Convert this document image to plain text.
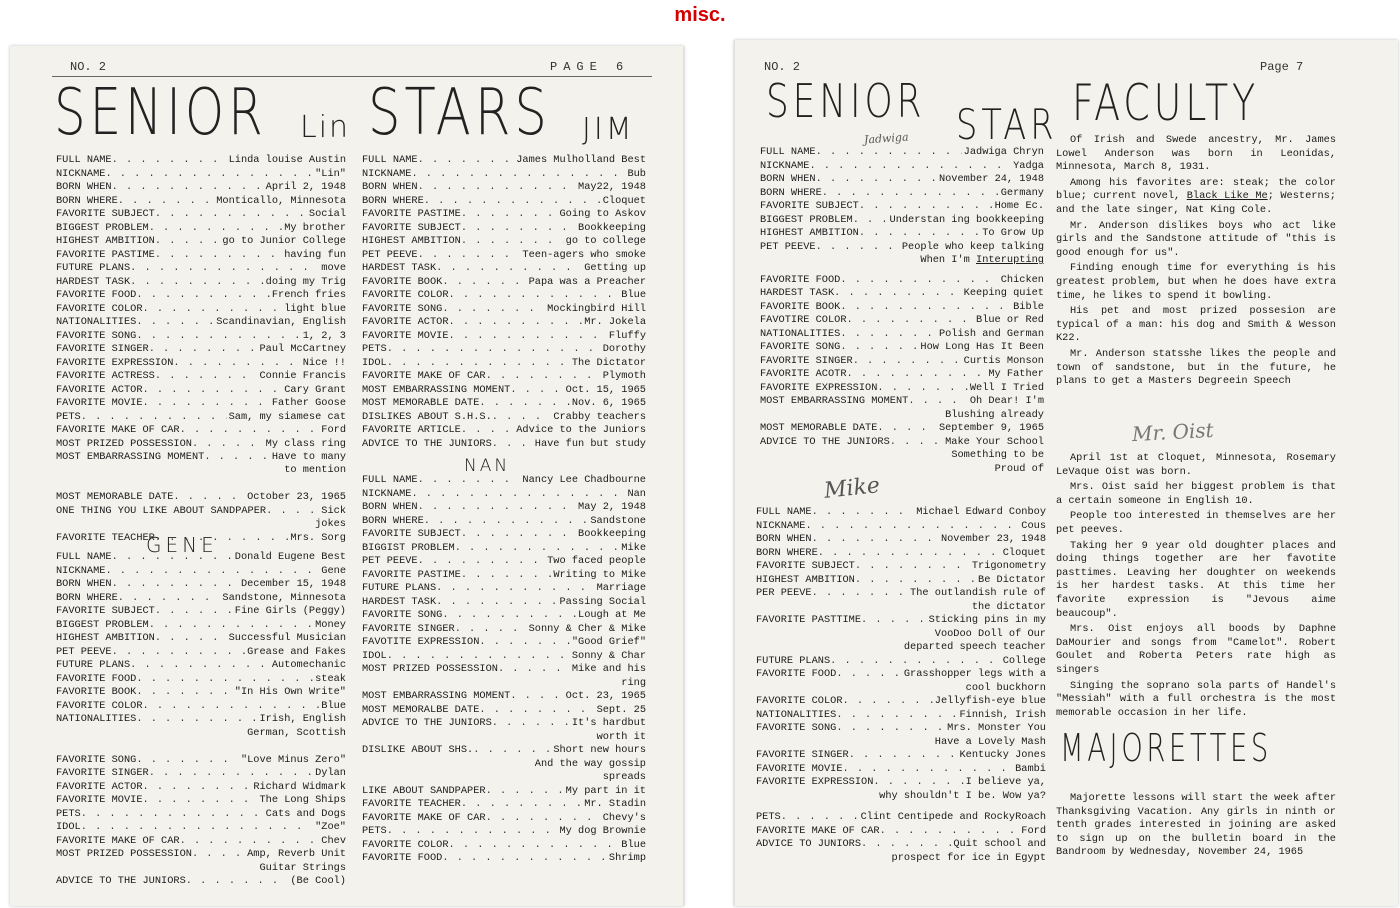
misc.
NO. 2	PAGE 6
SENIOR Lin STARS JIM
NAN
GENE
FULL NAME . . .	Linda louise Austin
NICKNAME . . .	"Lin"
BORN WHEN . . .	April 2, 1948
BORN WHERE . . .	Monticallo, Minnesota
FAVORITE SUBJECT . . .	Social
BIGGEST PROBLEM . . .	My brother
HIGHEST AMBITION . . .	go to Junior College
FAVORITE PASTIME . . .	having fun
FUTURE PLANS . . .	move
HARDEST TASK . . .	doing my Trig
FAVORITE FOOD . . .	French fries
FAVORITE COLOR . . .	light blue
NATIONALITIES . . .	Scandinavian, English
FAVORITE SONG . . .	1, 2, 3
FAVORITE SINGER . . .	Paul McCartney
FAVORITE EXPRESSION . . .	Nice !!
FAVORITE ACTRESS . . .	Connie Francis
FAVORITE ACTOR . . .	Cary Grant
FAVORITE MOVIE . . .	Father Goose
PETS . . .	Sam, my siamese cat
FAVORITE MAKE OF CAR . . .	Ford
MOST PRIZED POSSESSION . . .	My class ring
MOST EMBARRASSING MOMENT . . .	Have to many
to mention
MOST MEMORABLE DATE . . .	October 23, 1965
ONE THING YOU LIKE ABOUT SANDPAPER . . .	Sick
jokes
FAVORITE TEACHER . . .	Mrs. Sorg
FULL NAME . . .	Donald Eugene Best
NICKNAME . . .	Gene
BORN WHEN . . .	December 15, 1948
BORN WHERE . . .	Sandstone, Minnesota
FAVORITE SUBJECT . . .	Fine Girls (Peggy)
BIGGEST PROBLEM . . .	Money
HIGHEST AMBITION . . .	Successful Musician
PET PEEVE . . .	Grease and Fakes
FUTURE PLANS . . .	Automechanic
FAVORITE FOOD . . .	steak
FAVORITE BOOK . . .	"In His Own Write"
FAVORITE COLOR . . .	Blue
NATIONALITIES . . .	Irish, English
German, Scottish
FAVORITE SONG . . .	"Love Minus Zero"
FAVORITE SINGER . . .	Dylan
FAVORITE ACTOR . . .	Richard Widmark
FAVORITE MOVIE . . .	The Long Ships
PETS . . .	Cats and Dogs
IDOL . . .	"Zoe"
FAVORITE MAKE OF CAR . . .	Chev
MOST PRIZED POSSESSION . . .	Amp, Reverb Unit
Guitar Strings
ADVICE TO THE JUNIORS . . .	(Be Cool)
FULL NAME . . .	James Mulholland Best
NICKNAME . . .	Bub
BORN WHEN . . .	May22, 1948
BORN WHERE . . .	Cloquet
FAVORITE PASTIME . . .	Going to Askov
FAVORITE SUBJECT . . .	Bookkeeping
HIGHEST AMBITION . . .	go to college
PET PEEVE . . .	Teen-agers who smoke
HARDEST TASK . . .	Getting up
FAVORITE BOOK . . .	Papa was a Preacher
FAVORITE COLOR . . .	Blue
FAVORITE SONG . . .	Mockingbird Hill
FAVORITE ACTOR . . .	Mr. Jokela
FAVORITE MOVIE . . .	Fluffy
PETS . . .	Dorothy
IDOL . . .	The Dictator
FAVORITE MAKE OF CAR . . .	Plymoth
MOST EMBARRASSING MOMENT . . .	Oct. 15, 1965
MOST MEMORABLE DATE . . .	Nov. 6, 1965
DISLIKES ABOUT S.H.S. . . .	Crabby teachers
FAVORITE ARTICLE . . .	Advice to the Juniors
ADVICE TO THE JUNIORS . . .	Have fun but study
FULL NAME . . .	Nancy Lee Chadbourne
NICKNAME . . .	Nan
BORN WHEN . . .	May 2, 1948
BORN WHERE . . .	Sandstone
FAVORITE SUBJECT . . .	Bookkeeping
BIGGIST PROBLEM . . .	Mike
PET PEEVE . . .	Two faced people
FAVORITE PASTIME . . .	Writing to Mike
FUTURE PLANS . . .	Marriage
HARDEST TASK . . .	Passing Social
FAVORITE SONG . . .	Lough at Me
FAVORITE SINGER . . .	Sonny & Cher & Mike
FAVOTITE EXPRESSION . . .	"Good Grief"
IDOL . . .	Sonny & Char
MOST PRIZED POSSESSION . . .	Mike and his
ring
MOST EMBARRASSING MOMENT . . .	Oct. 23, 1965
MOST MEMORALBE DATE . . .	Sept. 25
ADVICE TO THE JUNIORS . . .	It's hardbut
worth it
DISLIKE ABOUT SHS. . . .	Short new hours
And the way gossip
spreads
LIKE ABOUT SANDPAPER . . .	My part in it
FAVORITE TEACHER . . .	Mr. Stadin
FAVORITE MAKE OF CAR . . .	Chevy's
PETS . . .	My dog Brownie
FAVORITE COLOR . . .	Blue
FAVORITE FOOD . . .	Shrimp
NO. 2	Page 7
SENIOR STAR FACULTY
MAJORETTES
Jadwiga
Mike
Mr. Oist
FULL NAME . . .	Jadwiga Chryn
NICKNAME . . .	Yadga
BORN WHEN . . .	November 24, 1948
BORN WHERE . . .	Germany
FAVORITE SUBJECT . . .	Home Ec.
BIGGEST PROBLEM . . .	Understan ing bookkeeping
HIGHEST AMBITION . . .	To Grow Up
PET PEEVE . . .	People who keep talking
When I'm Interupting
FAVORITE FOOD . . .	Chicken
HARDEST TASK . . .	Keeping quiet
FAVORITE BOOK . . .	Bible
FAVOTIRE COLOR . . .	Blue or Red
NATIONALITIES . . .	Polish and German
FAVORITE SONG . . .	How Long Has It Been
FAVORITE SINGER . . .	Curtis Monson
FAVORITE ACOTR . . .	My Father
FAVORITE EXPRESSION . . .	Well I Tried
MOST EMBARRASSING MOMENT . . .	Oh Dear! I'm
Blushing already
MOST MEMORABLE DATE . . .	September 9, 1965
ADVICE TO THE JUNIORS . . .	Make Your School
Something to be
Proud of
FULL NAME . . .	Michael Edward Conboy
NICKNAME . . .	Cous
BORN WHEN . . .	November 23, 1948
BORN WHERE . . .	Cloquet
FAVORITE SUBJECT . . .	Trigonometry
HIGHEST AMBITION . . .	Be Dictator
PER PEEVE . . .	The outlandish rule of
the dictator
FAVORITE PASTTIME . . .	Sticking pins in my
VooDoo Doll of Our
departed speech teacher
FUTURE PLANS . . .	College
FAVORITE FOOD . . .	Grasshopper legs with a
cool buckhorn
FAVORITE COLOR . . .	Jellyfish-eye blue
NATIONALITIES . . .	Finnish, Irish
FAVORITE SONG . . .	Mrs. Monster You
Have a Lovely Mash
FAVORITE SINGER . . .	Kentucky Jones
FAVORITE MOVIE . . .	Bambi
FAVORITE EXPRESSION . . .	I believe ya,
why shouldn't I be. Wow ya?
PETS . . .	Clint Centipede and RockyRoach
FAVORITE MAKE OF CAR . . .	Ford
ADVICE TO JUNIORS . . .	Quit school and
prospect for ice in Egypt

Of Irish and Swede ancestry, Mr. James Lowel Anderson was born in Leonidas, Minnesota, March 8, 1931.

Among his favorites are: steak; the color blue; current novel, Black Like Me; Westerns; and the late singer, Nat King Cole.

Mr. Anderson dislikes boys who act like girls and the Sandstone attitude of "this is good enough for us".

Finding enough time for everything is his greatest problem, but when he does have extra time, he likes to spend it bowling.

His pet and most prized possesion are typical of a man: his dog and Smith & Wesson K22.

Mr. Anderson statsshe likes the people and town of sandstone, but in the future, he plans to get a Masters Degreein Speech

April 1st at Cloquet, Minnesota, Rosemary LeVaque Oist was born.

Mrs. Oist said her biggest problem is that a certain someone in English 10.

People too interested in themselves are her pet peeves.

Taking her 9 year old doughter places and doing things together are her favotite pasttimes. Leaving her doughter on weekends is her hardest tasks. At this time her favorite expression is "Jevous aime beaucoup".

Mrs. Oist enjoys all boods by Daphne DaMourier and songs from "Camelot". Robert Goulet and Roberta Peters rate high as singers

Singing the soprano sola parts of Handel's "Messiah" with a full orchestra is the most memorable occasion in her life.

Majorette lessons will start the week after Thanksgiving Vacation. Any girls in ninth or tenth grades interested in joining are asked to sign up on the bulletin board in the Bandroom by Wednesday, November 24, 1965
